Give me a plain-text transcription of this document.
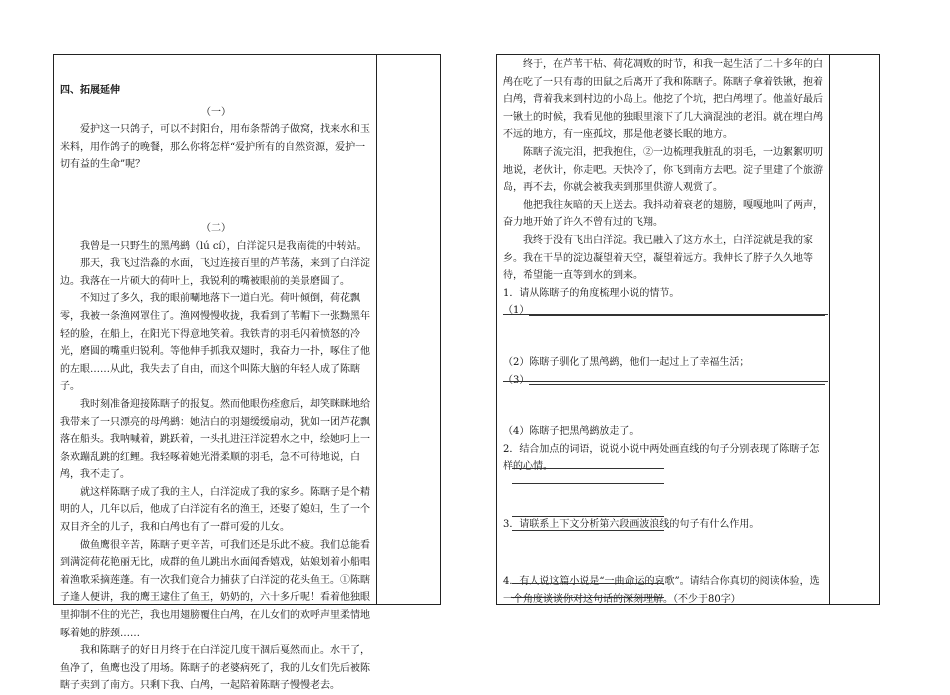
四、拓展延伸
（一）

爱护这一只鸽子，可以不封阳台，用布条帮鸽子做窝，找来水和玉米料，用作鸽子的晚餐，那么你将怎样“爱护所有的自然资源，爱护一切有益的生命”呢？

（二）

我曾是一只野生的黑鸬鹚（lú cí），白洋淀只是我南徙的中转站。

那天，我飞过浩淼的水面，飞过连接百里的芦苇荡，来到了白洋淀边。我落在一片硕大的荷叶上，我锐利的嘴被眼前的美景磨圆了。

不知过了多久，我的眼前唰地落下一道白光。荷叶倾倒，荷花飘零，我被一条渔网罩住了。渔网慢慢收拢，我看到了苇帽下一张黝黑年轻的脸，在船上，在阳光下得意地笑着。我铁青的羽毛闪着愤怒的冷光，磨圆的嘴重归锐利。等他伸手抓我双翅时，我奋力一扑，啄住了他的左眼……从此，我失去了自由，而这个叫陈大脑的年轻人成了陈瞎子。

我时刻准备迎接陈瞎子的报复。然而他眼伤痊愈后，却笑眯眯地给我带来了一只漂亮的母鸬鹚：她洁白的羽翅缓缓扇动，犹如一团芦花飘落在船头。我呐喊着，跳跃着，一头扎进汪洋淀碧水之中，绘她叼上一条欢蹦乱跳的红鲤。我轻啄着她光滑柔顺的羽毛，急不可待地说，白鸬，我不走了。

就这样陈瞎子成了我的主人，白洋淀成了我的家乡。陈瞎子是个精明的人，几年以后，他成了白洋淀有名的渔王，还娶了媳妇，生了一个双目齐全的儿子，我和白鸬也有了一群可爱的儿女。

做鱼鹰很辛苦，陈瞎子更辛苦，可我们还是乐此不疲。我们总能看到满淀荷花艳丽无比，成群的鱼儿跳出水面闻香嬉戏，姑娘划着小船唱着渔歌采摘莲蓬。有一次我们竟合力捕获了白洋淀的花头鱼王。①陈瞎子逢人便讲，我的鹰王逮住了鱼王，奶奶的，六十多斤呢！看着他独眼里抑制不住的光芒，我也用翅膀覆住白鸬，在儿女们的欢呼声里柔情地啄着她的脖颈……

我和陈瞎子的好日月终于在白洋淀几度干涸后戛然而止。水干了，鱼净了，鱼鹰也没了用场。陈瞎子的老婆病死了，我的儿女们先后被陈瞎子卖到了南方。只剩下我、白鸬，一起陪着陈瞎子慢慢老去。

终于，在芦苇干枯、荷花凋败的时节，和我一起生活了二十多年的白鸬在吃了一只有毒的田鼠之后离开了我和陈瞎子。陈瞎子拿着铁锹，抱着白鸬，背着我来到村边的小岛上。他挖了个坑，把白鸬埋了。他盖好最后一锹土的时候，我看见他的独眼里滚下了几大滴混浊的老泪。就在埋白鸬不远的地方，有一座孤坟，那是他老婆长眠的地方。

陈瞎子流完泪，把我抱住，②一边梳理我脏乱的羽毛，一边絮絮叨叨地说，老伙计，你走吧。天快冷了，你飞到南方去吧。淀子里建了个旅游岛，再不去，你就会被我卖到那里供游人观赏了。

他把我往灰暗的天上送去。我抖动着衰老的翅膀，嘎嘎地叫了两声，奋力地开始了许久不曾有过的飞翔。

我终于没有飞出白洋淀。我已融入了这方水土，白洋淀就是我的家乡。我在干旱的淀边凝望着天空，凝望着远方。我伸长了脖子久久地等待，希望能一直等到水的到来。

1．请从陈瞎子的角度梳理小说的情节。
（1）
（2）陈瞎子驯化了黑鸬鹚，他们一起过上了幸福生活；
（3）
（4）陈瞎子把黑鸬鹚放走了。
2．结合加点的词语，说说小说中两处画直线的句子分别表现了陈瞎子怎样的心情。
3．请联系上下文分析第六段画波浪线的句子有什么作用。
4．有人说这篇小说是“一曲命运的哀歌”。请结合你真切的阅读体验，选一个角度谈谈你对这句话的深刻理解。（不少于80字）
